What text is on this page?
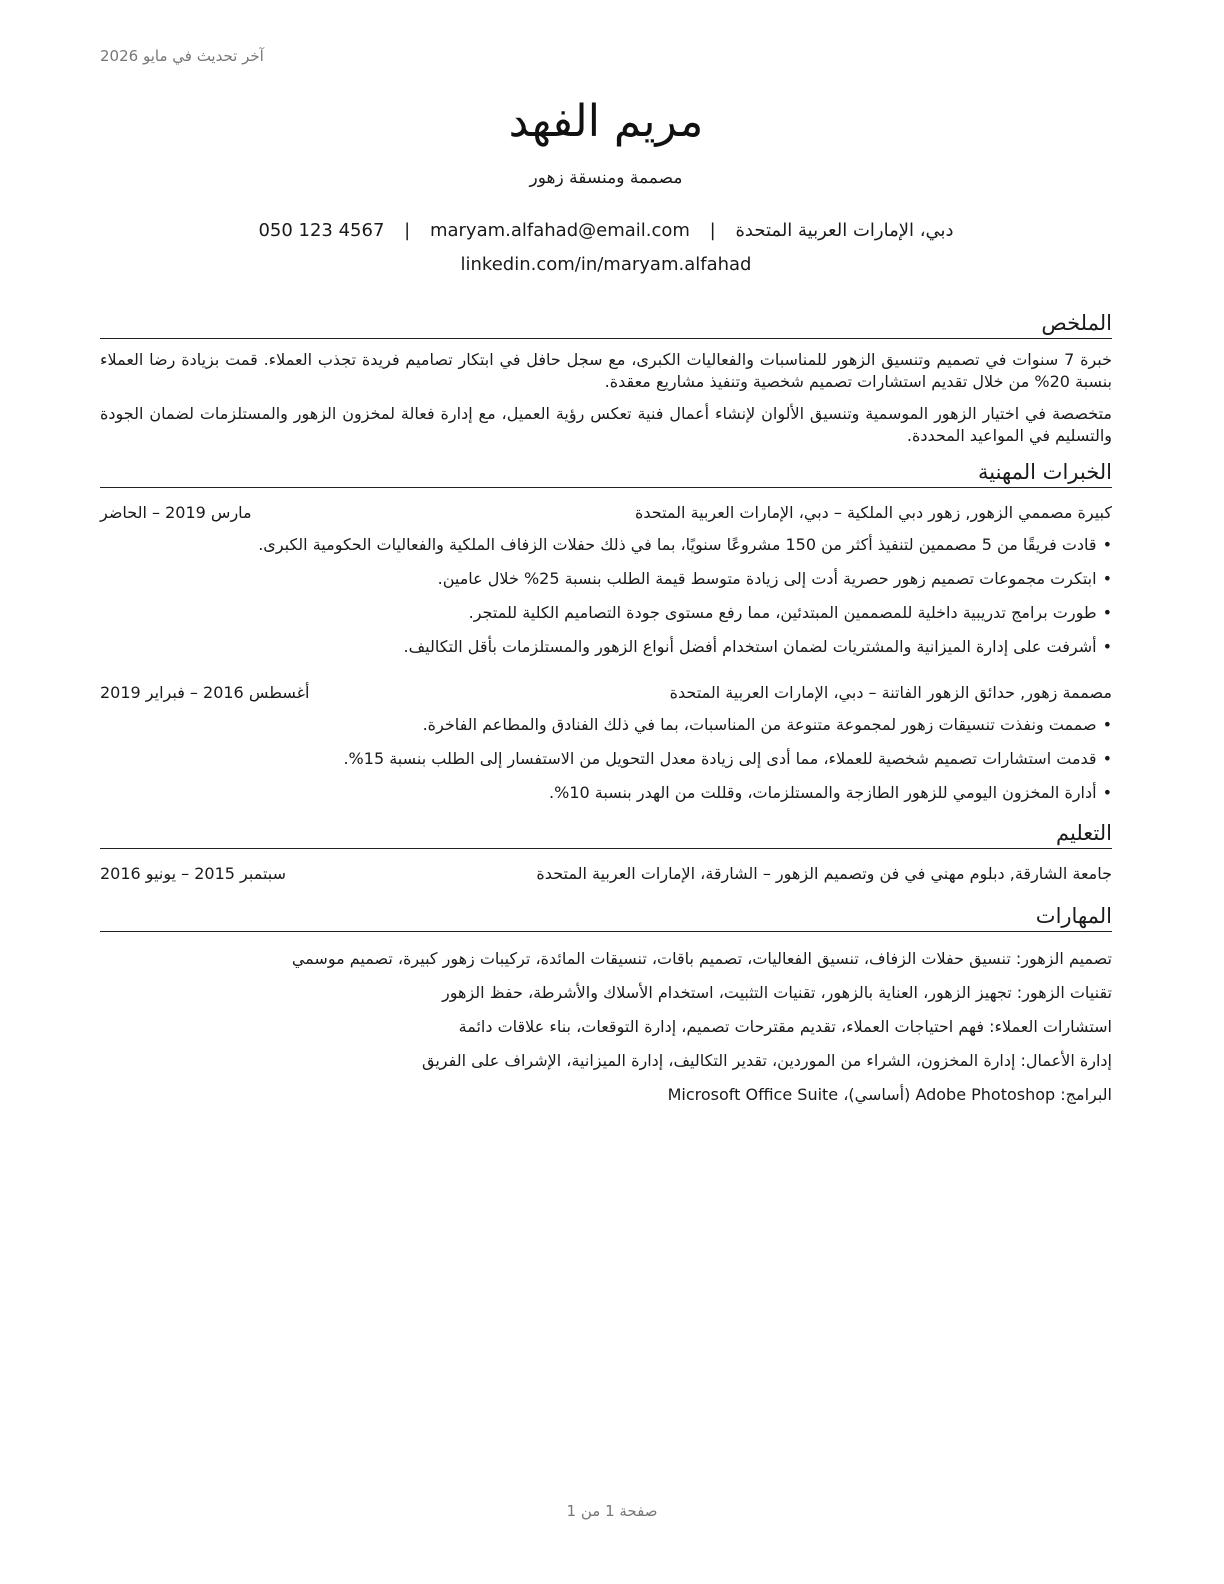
آخر تحديث في مايو 2026
مريم الفهد
مصممة ومنسقة زهور
دبي، الإمارات العربية المتحدة | maryam.alfahad@email.com | 050 123 4567
linkedin.com/in/maryam.alfahad
الملخص

خبرة 7 سنوات في تصميم وتنسيق الزهور للمناسبات والفعاليات الكبرى، مع سجل حافل في ابتكار تصاميم فريدة تجذب العملاء. قمت بزيادة رضا العملاء بنسبة 20% من خلال تقديم استشارات تصميم شخصية وتنفيذ مشاريع معقدة.

متخصصة في اختيار الزهور الموسمية وتنسيق الألوان لإنشاء أعمال فنية تعكس رؤية العميل، مع إدارة فعالة لمخزون الزهور والمستلزمات لضمان الجودة والتسليم في المواعيد المحددة.

الخبرات المهنية
كبيرة مصممي الزهور, زهور دبي الملكية – دبي، الإمارات العربية المتحدة
مارس 2019 – الحاضر
•قادت فريقًا من 5 مصممين لتنفيذ أكثر من 150 مشروعًا سنويًا، بما في ذلك حفلات الزفاف الملكية والفعاليات الحكومية الكبرى.
•ابتكرت مجموعات تصميم زهور حصرية أدت إلى زيادة متوسط قيمة الطلب بنسبة 25% خلال عامين.
•طورت برامج تدريبية داخلية للمصممين المبتدئين، مما رفع مستوى جودة التصاميم الكلية للمتجر.
•أشرفت على إدارة الميزانية والمشتريات لضمان استخدام أفضل أنواع الزهور والمستلزمات بأقل التكاليف.
مصممة زهور, حدائق الزهور الفاتنة – دبي، الإمارات العربية المتحدة
أغسطس 2016 – فبراير 2019
•صممت ونفذت تنسيقات زهور لمجموعة متنوعة من المناسبات، بما في ذلك الفنادق والمطاعم الفاخرة.
•قدمت استشارات تصميم شخصية للعملاء، مما أدى إلى زيادة معدل التحويل من الاستفسار إلى الطلب بنسبة 15%.
•أدارة المخزون اليومي للزهور الطازجة والمستلزمات، وقللت من الهدر بنسبة 10%.
التعليم
جامعة الشارقة, دبلوم مهني في فن وتصميم الزهور – الشارقة، الإمارات العربية المتحدة
سبتمبر 2015 – يونيو 2016
المهارات
تصميم الزهور: تنسيق حفلات الزفاف، تنسيق الفعاليات، تصميم باقات، تنسيقات المائدة، تركيبات زهور كبيرة، تصميم موسمي
تقنيات الزهور: تجهيز الزهور، العناية بالزهور، تقنيات التثبيت، استخدام الأسلاك والأشرطة، حفظ الزهور
استشارات العملاء: فهم احتياجات العملاء، تقديم مقترحات تصميم، إدارة التوقعات، بناء علاقات دائمة
إدارة الأعمال: إدارة المخزون، الشراء من الموردين، تقدير التكاليف، إدارة الميزانية، الإشراف على الفريق
البرامج: Adobe Photoshop (أساسي)، Microsoft Office Suite
صفحة 1 من 1
